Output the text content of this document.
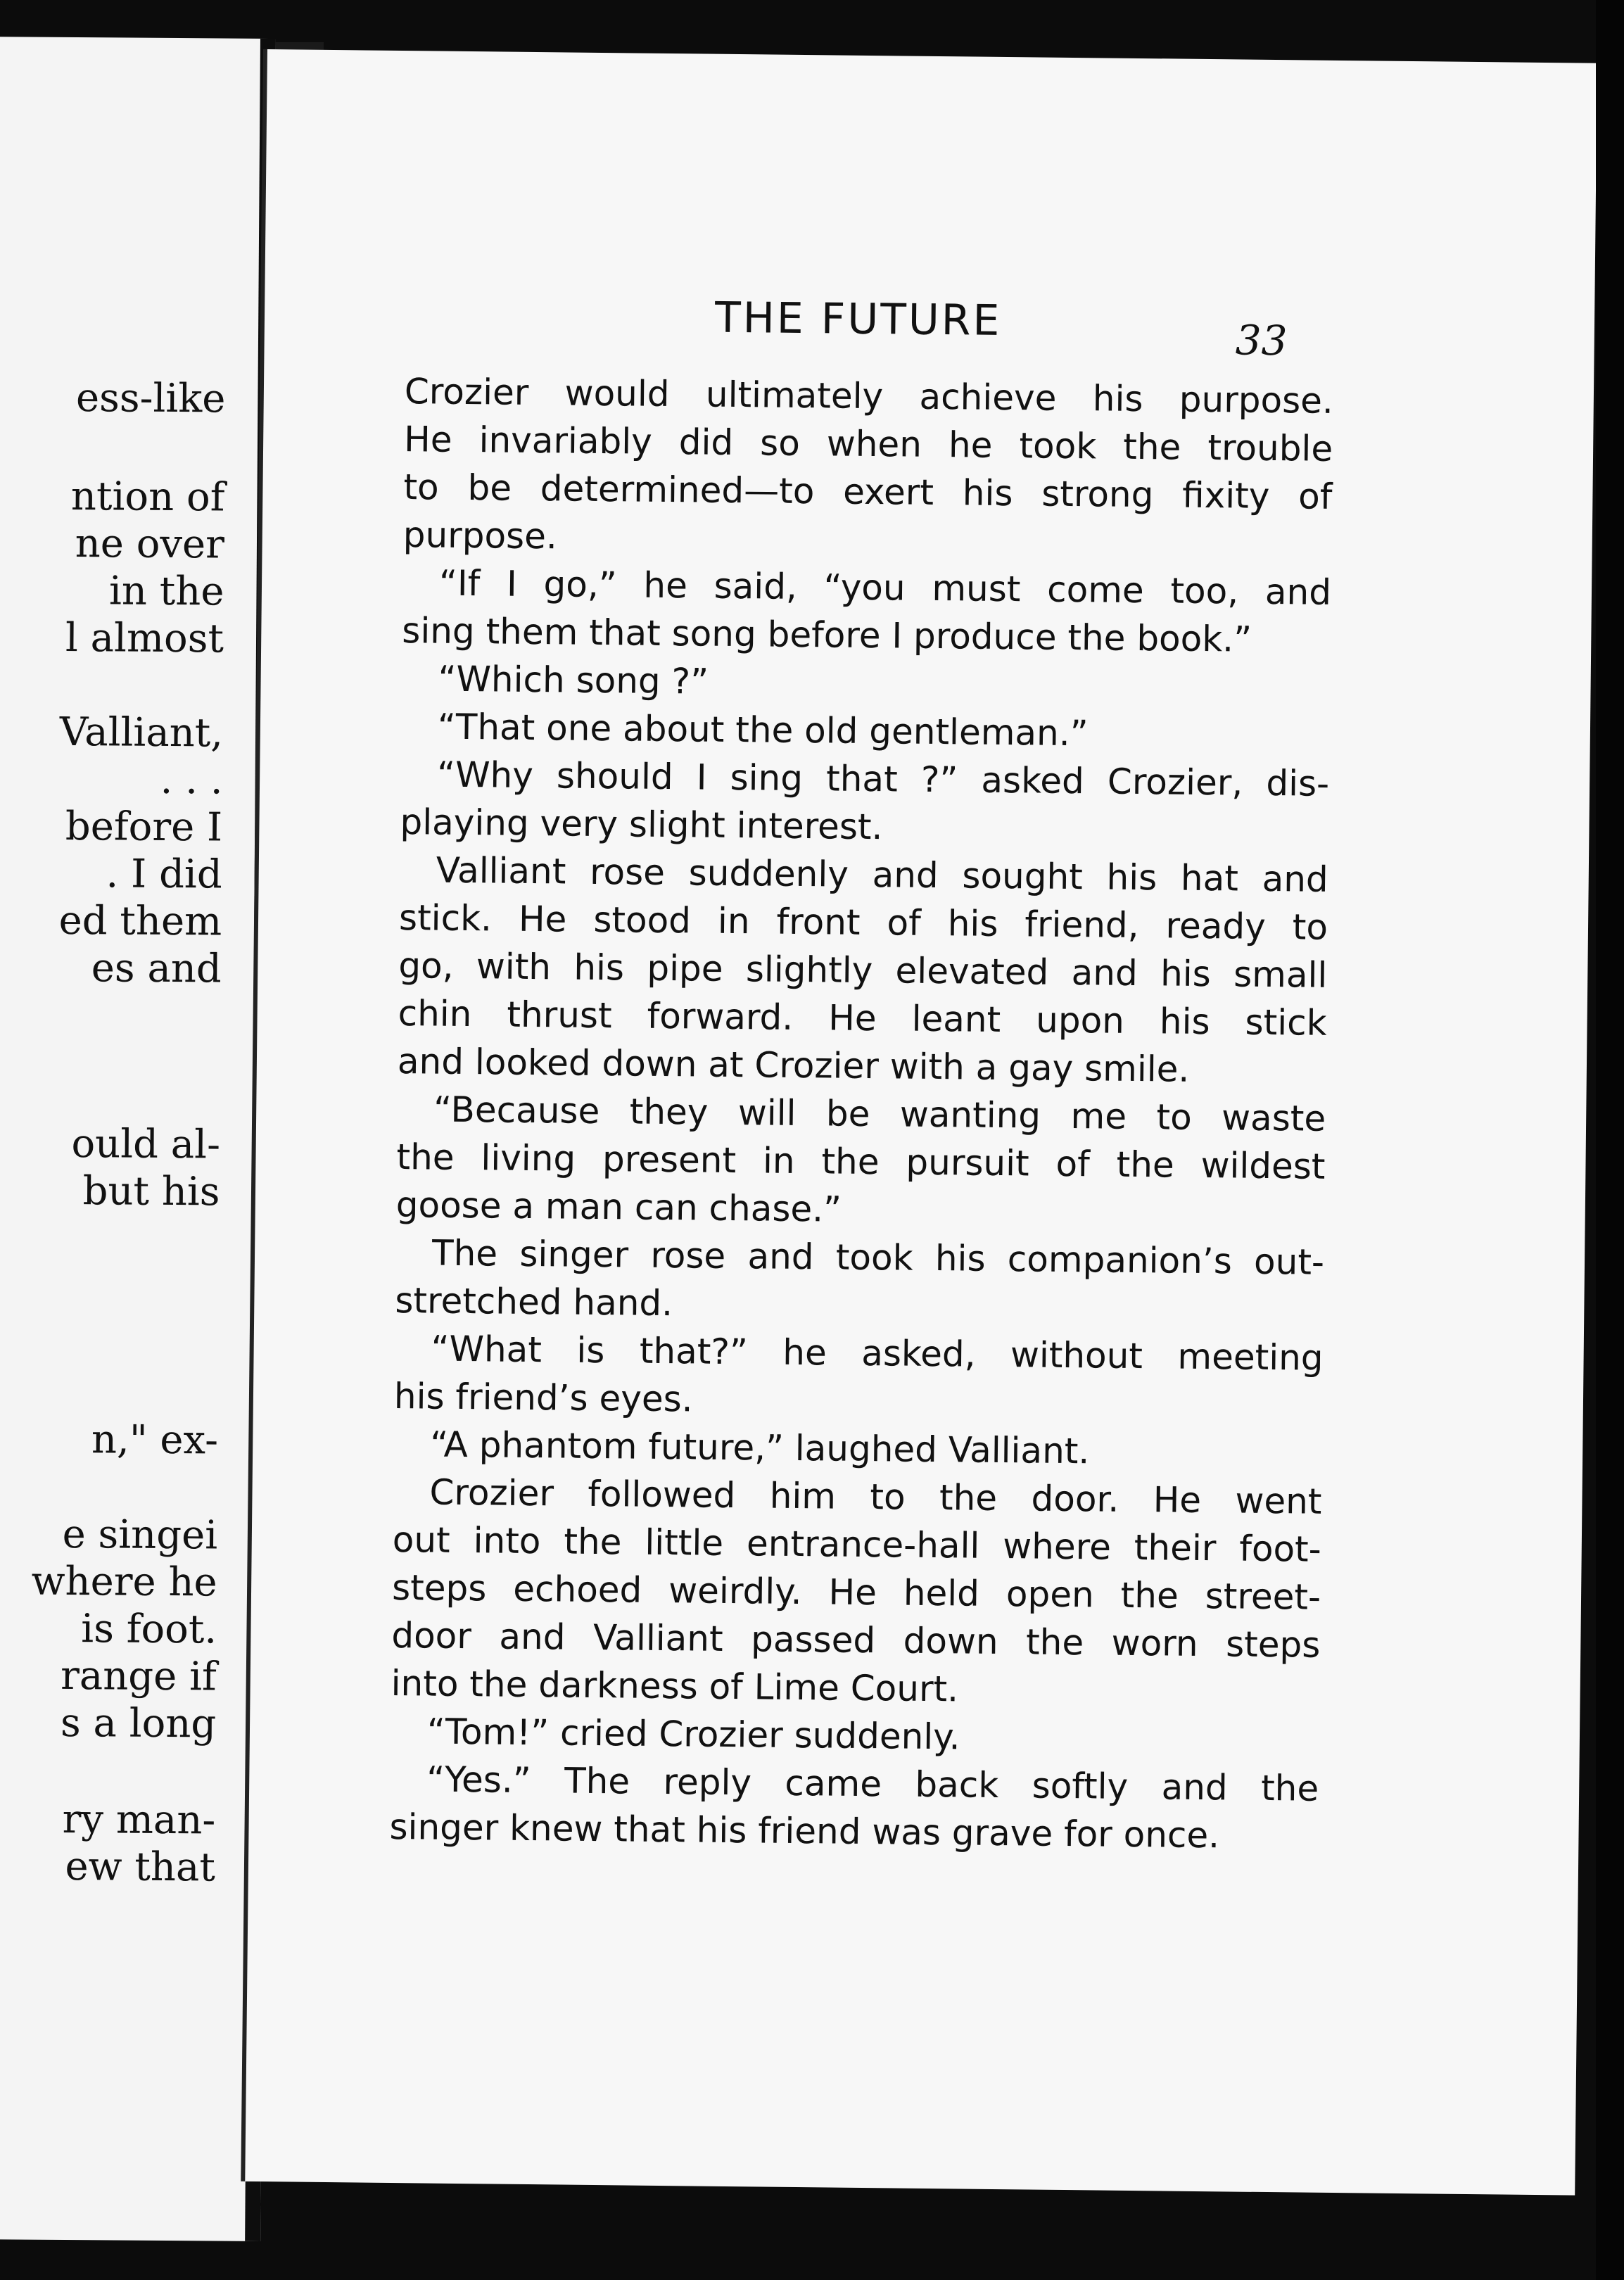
ess-like
ntion of
ne over
in the
l almost
Valliant,
. . .
before I
. I did
ed them
es and
ould al-
but his
n," ex-
e singei
where he
is foot.
range if
s a long
ry man-
ew that
THE FUTURE	33
Crozier would ultimately achieve his purpose.
He invariably did so when he took the trouble
to be determined—to exert his strong fixity of
purpose.
“If I go,” he said, “you must come too, and
sing them that song before I produce the book.”
“Which song ?”
“That one about the old gentleman.”
“Why should I sing that ?” asked Crozier, dis-
playing very slight interest.
Valliant rose suddenly and sought his hat and
stick. He stood in front of his friend, ready to
go, with his pipe slightly elevated and his small
chin thrust forward. He leant upon his stick
and looked down at Crozier with a gay smile.
“Because they will be wanting me to waste
the living present in the pursuit of the wildest
goose a man can chase.”
The singer rose and took his companion’s out-
stretched hand.
“What is that?” he asked, without meeting
his friend’s eyes.
“A phantom future,” laughed Valliant.
Crozier followed him to the door. He went
out into the little entrance-hall where their foot-
steps echoed weirdly. He held open the street-
door and Valliant passed down the worn steps
into the darkness of Lime Court.
“Tom!” cried Crozier suddenly.
“Yes.” The reply came back softly and the
singer knew that his friend was grave for once.
